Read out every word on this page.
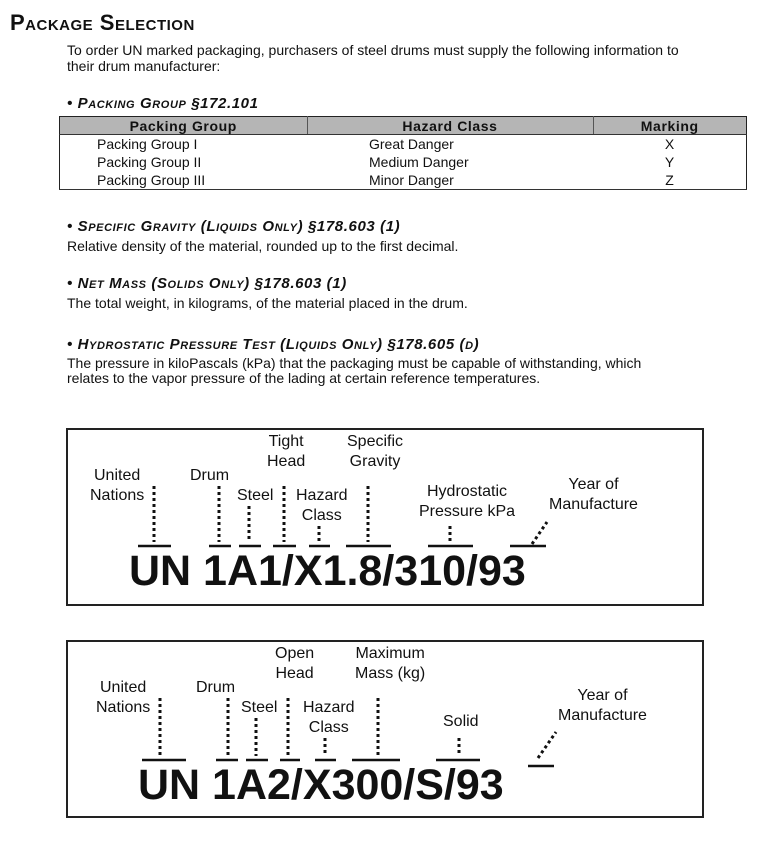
Package Selection
To order UN marked packaging, purchasers of steel drums must supply the following information to their drum manufacturer:
• Packing Group §172.101
Packing Group	Hazard Class	Marking
Packing Group I	Great Danger	X
Packing Group II	Medium Danger	Y
Packing Group III	Minor Danger	Z
• Specific Gravity (Liquids Only) §178.603 (1)
Relative density of the material, rounded up to the first decimal.
• Net Mass (Solids Only) §178.603 (1)
The total weight, in kilograms, of the material placed in the drum.
• Hydrostatic Pressure Test (Liquids Only) §178.605 (d)
The pressure in kiloPascals (kPa) that the packaging must be capable of withstanding, which relates to the vapor pressure of the lading at certain reference temperatures.
United
Nations
Drum
Steel
Tight
Head
Hazard
Class
Specific
Gravity
Hydrostatic
Pressure kPa
Year of
Manufacture
UN 1A1/X1.8/310/93
United
Nations
Drum
Steel
Open
Head
Hazard
Class
Maximum
Mass (kg)
Solid
Year of
Manufacture
UN 1A2/X300/S/93
